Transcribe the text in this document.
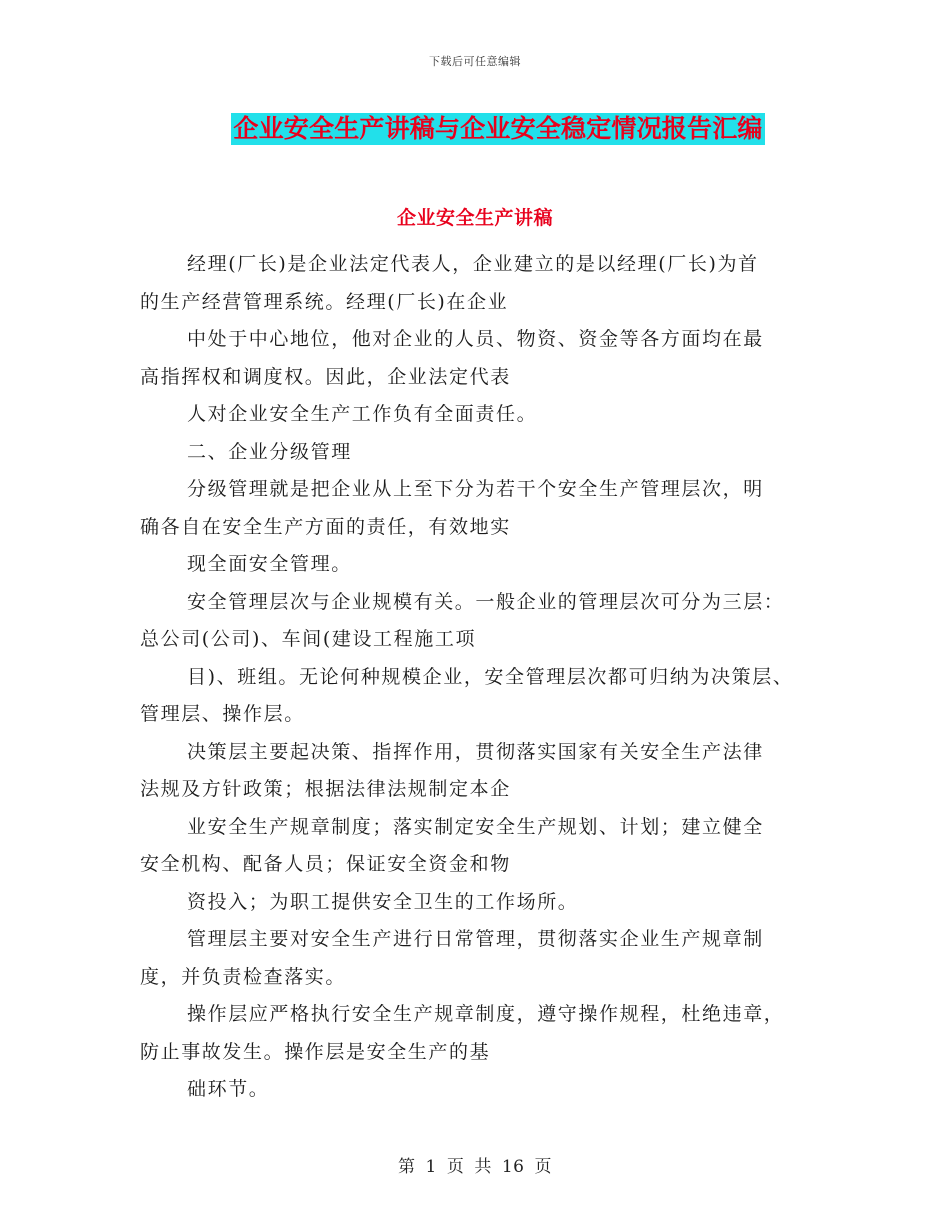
下载后可任意编辑
企业安全生产讲稿与企业安全稳定情况报告汇编
企业安全生产讲稿
经理(厂长)是企业法定代表人，企业建立的是以经理(厂长)为首
的生产经营管理系统。经理(厂长)在企业
中处于中心地位，他对企业的人员、物资、资金等各方面均在最
高指挥权和调度权。因此，企业法定代表
人对企业安全生产工作负有全面责任。
二、企业分级管理
分级管理就是把企业从上至下分为若干个安全生产管理层次，明
确各自在安全生产方面的责任，有效地实
现全面安全管理。
安全管理层次与企业规模有关。一般企业的管理层次可分为三层：
总公司(公司)、车间(建设工程施工项
目)、班组。无论何种规模企业，安全管理层次都可归纳为决策层、
管理层、操作层。
决策层主要起决策、指挥作用，贯彻落实国家有关安全生产法律
法规及方针政策；根据法律法规制定本企
业安全生产规章制度；落实制定安全生产规划、计划；建立健全
安全机构、配备人员；保证安全资金和物
资投入；为职工提供安全卫生的工作场所。
管理层主要对安全生产进行日常管理，贯彻落实企业生产规章制
度，并负责检查落实。
操作层应严格执行安全生产规章制度，遵守操作规程，杜绝违章，
防止事故发生。操作层是安全生产的基
础环节。
第 1 页 共 16 页
